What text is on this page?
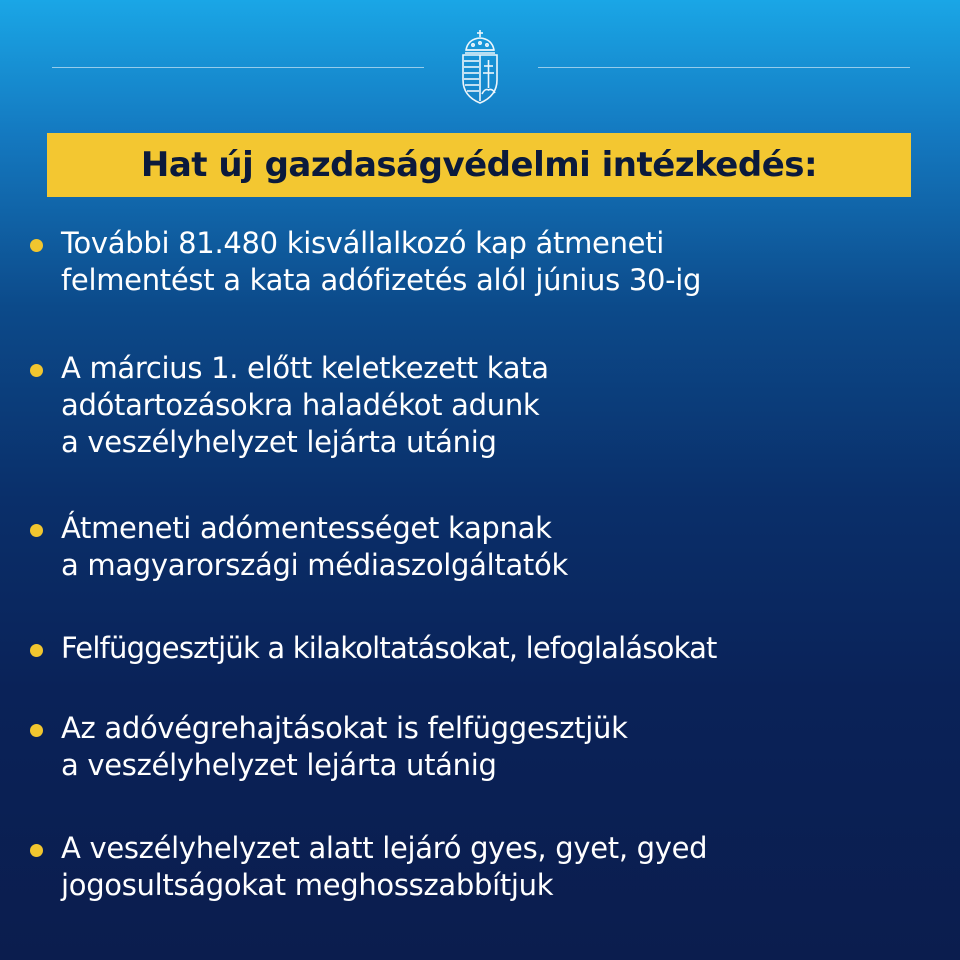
Hat új gazdaságvédelmi intézkedés:
További 81.480 kisvállalkozó kap átmeneti
felmentést a kata adófizetés alól június 30-ig
A március 1. előtt keletkezett kata
adótartozásokra haladékot adunk
a veszélyhelyzet lejárta utánig
Átmeneti adómentességet kapnak
a magyarországi médiaszolgáltatók
Felfüggesztjük a kilakoltatásokat, lefoglalásokat
Az adóvégrehajtásokat is felfüggesztjük
a veszélyhelyzet lejárta utánig
A veszélyhelyzet alatt lejáró gyes, gyet, gyed
jogosultságokat meghosszabbítjuk
